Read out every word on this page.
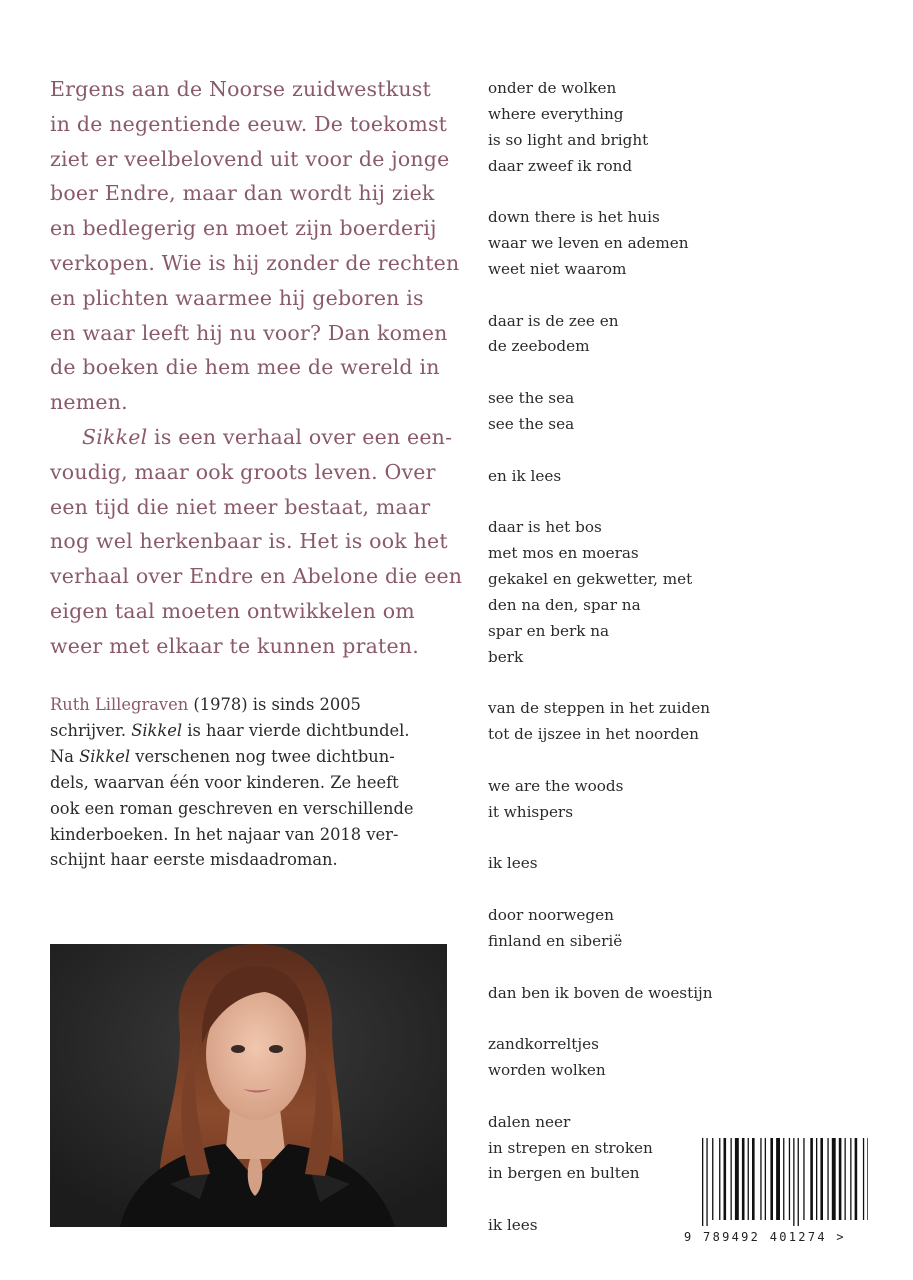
Ergens aan de Noorse zuidwestkust
in de negentiende eeuw. De toekomst
ziet er veelbelovend uit voor de jonge
boer Endre, maar dan wordt hij ziek
en bedlegerig en moet zijn boerderij
verkopen. Wie is hij zonder de rechten
en plichten waarmee hij geboren is
en waar leeft hij nu voor? Dan komen
de boeken die hem mee de wereld in
nemen.

Sikkel is een verhaal over een een-

voudig, maar ook groots leven. Over
een tijd die niet meer bestaat, maar
nog wel herkenbaar is. Het is ook het
verhaal over Endre en Abelone die een
eigen taal moeten ontwikkelen om
weer met elkaar te kunnen praten.

Ruth Lillegraven (1978) is sinds 2005
schrijver. Sikkel is haar vierde dichtbundel.
Na Sikkel verschenen nog twee dichtbun-
dels, waarvan één voor kinderen. Ze heeft
ook een roman geschreven en verschillende
kinderboeken. In het najaar van 2018 ver-
schijnt haar eerste misdaadroman.
onder de wolken
where everything
is so light and bright
daar zweef ik rond
down there is het huis
waar we leven en ademen
weet niet waarom
daar is de zee en
de zeebodem
see the sea
see the sea
en ik lees
daar is het bos
met mos en moeras
gekakel en gekwetter, met
den na den, spar na
spar en berk na
berk
van de steppen in het zuiden
tot de ijszee in het noorden
we are the woods
it whispers
ik lees
door noorwegen
finland en siberië
dan ben ik boven de woestijn
zandkorreltjes
worden wolken
dalen neer
in strepen en stroken
in bergen en bulten
ik lees
9 789492 401274 >
